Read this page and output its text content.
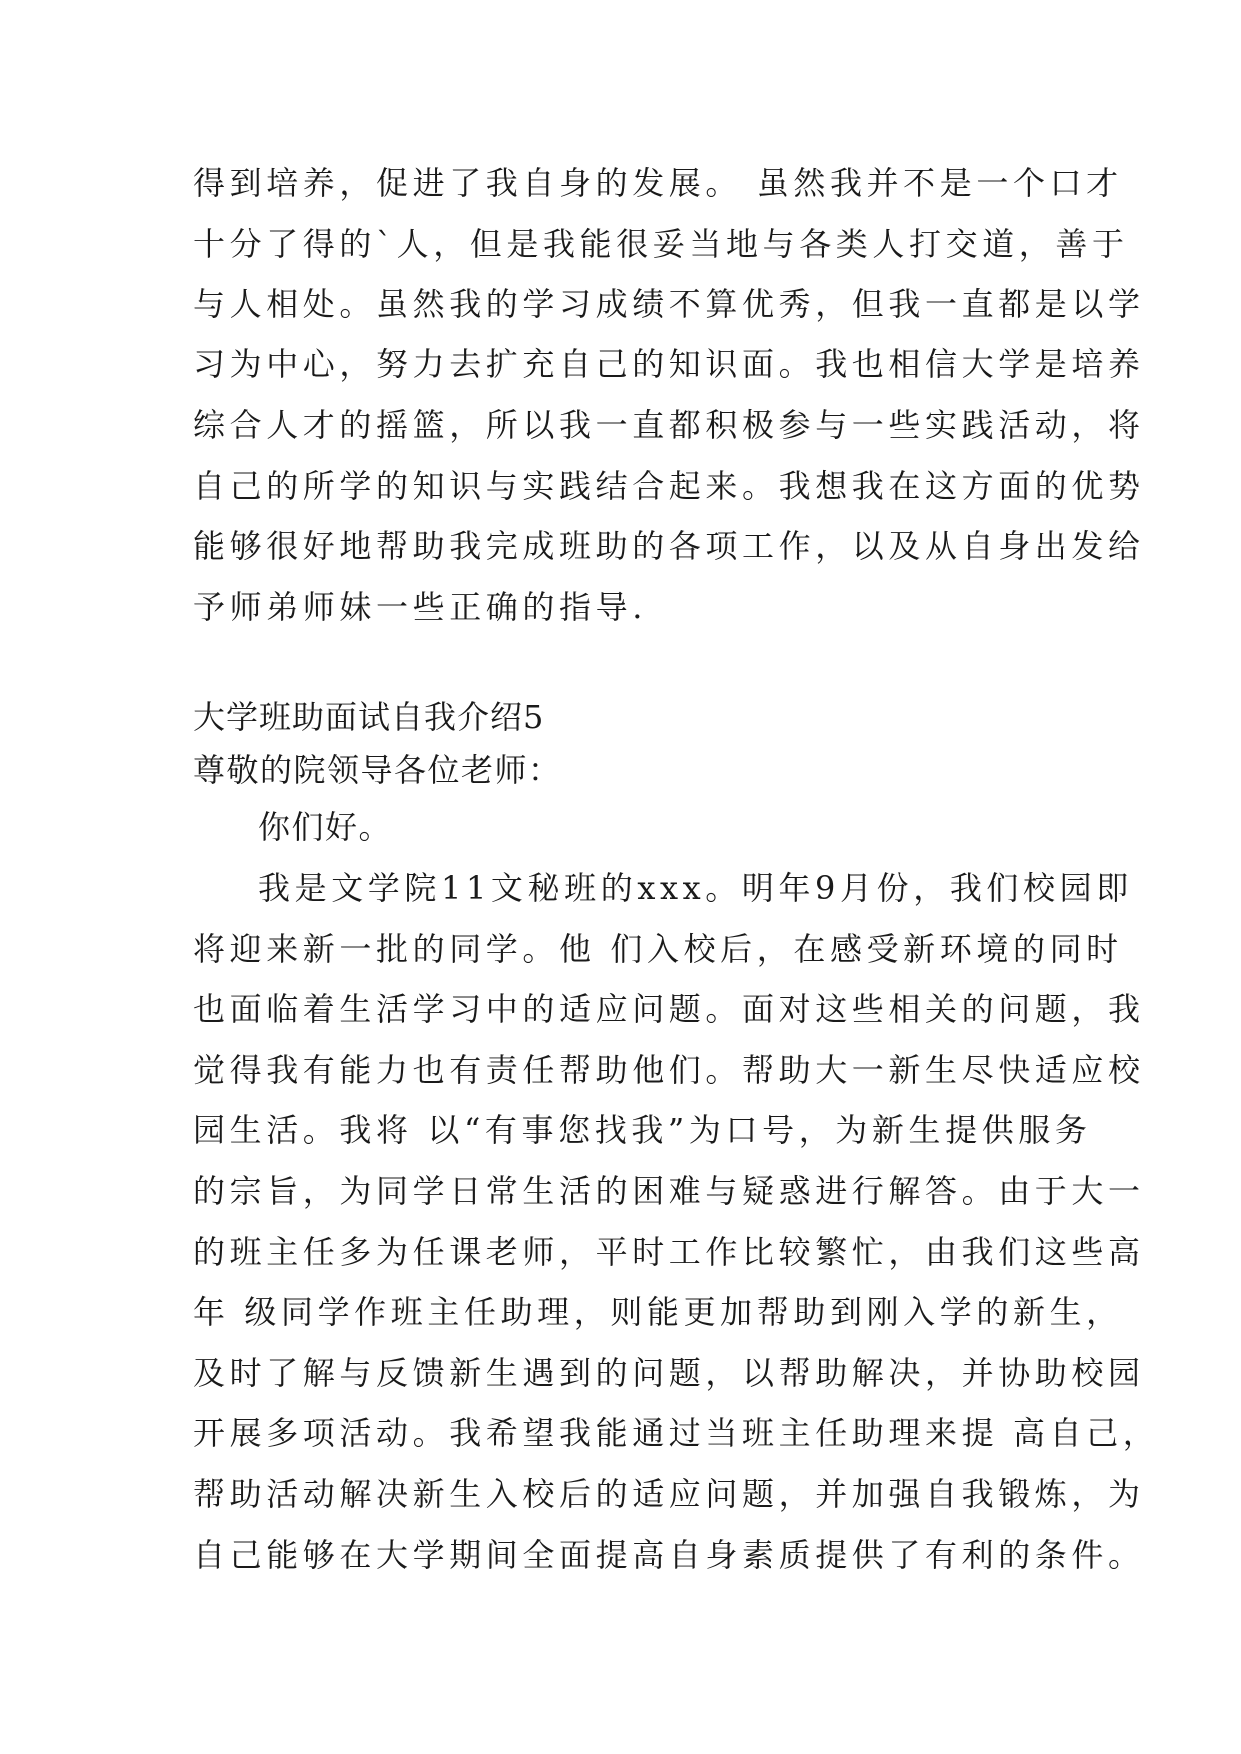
得到培养，促进了我自身的发展。 虽然我并不是一个口才
十分了得的`人，但是我能很妥当地与各类人打交道，善于
与人相处。虽然我的学习成绩不算优秀，但我一直都是以学
习为中心，努力去扩充自己的知识面。我也相信大学是培养
综合人才的摇篮，所以我一直都积极参与一些实践活动，将
自己的所学的知识与实践结合起来。我想我在这方面的优势
能够很好地帮助我完成班助的各项工作，以及从自身出发给
予师弟师妹一些正确的指导.
大学班助面试自我介绍5
尊敬的院领导各位老师：
你们好。
我是文学院11文秘班的xxx。明年9月份，我们校园即
将迎来新一批的同学。他 们入校后，在感受新环境的同时
也面临着生活学习中的适应问题。面对这些相关的问题，我
觉得我有能力也有责任帮助他们。帮助大一新生尽快适应校
园生活。我将 以“有事您找我”为口号，为新生提供服务
的宗旨，为同学日常生活的困难与疑惑进行解答。由于大一
的班主任多为任课老师，平时工作比较繁忙，由我们这些高
年 级同学作班主任助理，则能更加帮助到刚入学的新生，
及时了解与反馈新生遇到的问题，以帮助解决，并协助校园
开展多项活动。我希望我能通过当班主任助理来提 高自己，
帮助活动解决新生入校后的适应问题，并加强自我锻炼，为
自己能够在大学期间全面提高自身素质提供了有利的条件。
